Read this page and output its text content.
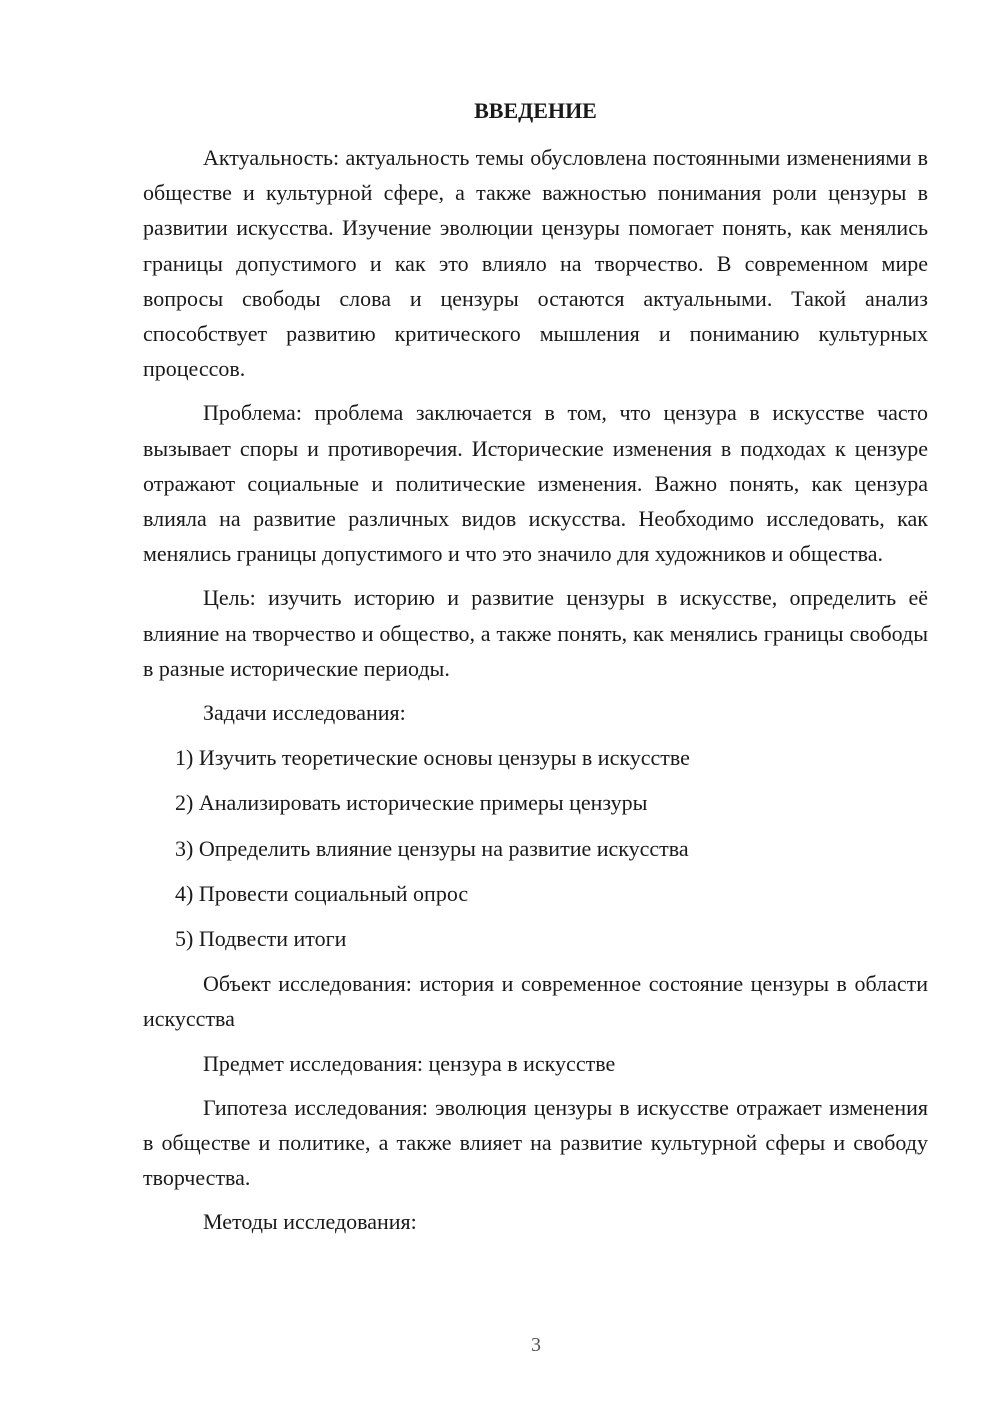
ВВЕДЕНИЕ

Актуальность: актуальность темы обусловлена постоянными изменениями в обществе и культурной сфере, а также важностью понимания роли цензуры в развитии искусства. Изучение эволюции цензуры помогает понять, как менялись границы допустимого и как это влияло на творчество. В современном мире вопросы свободы слова и цензуры остаются актуальными. Такой анализ способствует развитию критического мышления и пониманию культурных процессов.

Проблема: проблема заключается в том, что цензура в искусстве часто вызывает споры и противоречия. Исторические изменения в подходах к цензуре отражают социальные и политические изменения. Важно понять, как цензура влияла на развитие различных видов искусства. Необходимо исследовать, как менялись границы допустимого и что это значило для художников и общества.

Цель: изучить историю и развитие цензуры в искусстве, определить её влияние на творчество и общество, а также понять, как менялись границы свободы в разные исторические периоды.

Задачи исследования:
1) Изучить теоретические основы цензуры в искусстве
2) Анализировать исторические примеры цензуры
3) Определить влияние цензуры на развитие искусства
4) Провести социальный опрос
5) Подвести итоги

Объект исследования: история и современное состояние цензуры в области искусства

Предмет исследования: цензура в искусстве

Гипотеза исследования: эволюция цензуры в искусстве отражает изменения в обществе и политике, а также влияет на развитие культурной сферы и свободу творчества.

Методы исследования:
3
